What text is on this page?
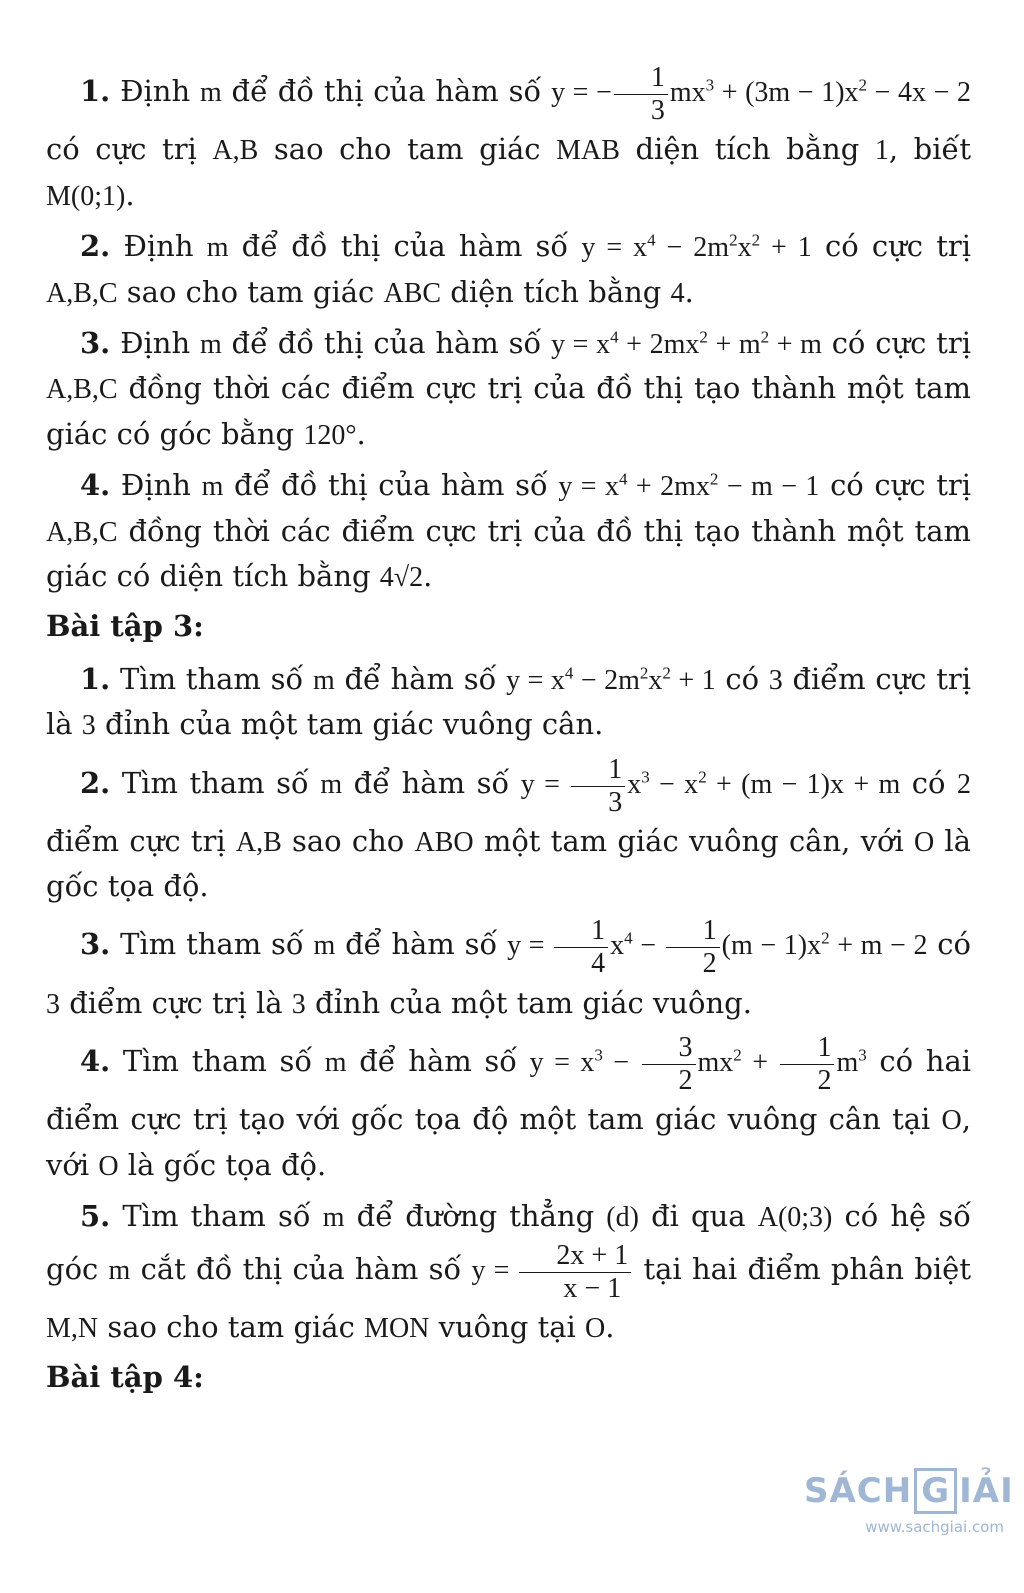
1. Định m để đồ thị của hàm số y = − $\frac{1}{3} mx^3 + (3m - 1)x^2 - 4x - 2$ có cực trị A,B sao cho tam giác MAB diện tích bằng 1, biết M(0;1).

2. Định m để đồ thị của hàm số $y = x^4 - 2m^2x^2 + 1$ có cực trị A,B,C sao cho tam giác ABC diện tích bằng 4.

3. Định m để đồ thị của hàm số $y = x^4 + 2mx^2 + m^2 + m$ có cực trị A,B,C đồng thời các điểm cực trị của đồ thị tạo thành một tam giác có góc bằng 120°.

4. Định m để đồ thị của hàm số $y = x^4 + 2mx^2 - m - 1$ có cực trị A,B,C đồng thời các điểm cực trị của đồ thị tạo thành một tam giác có diện tích bằng 4√2.

Bài tập 3:

1. Tìm tham số m để hàm số $y = x^4 - 2m^2x^2 + 1$ có 3 điểm cực trị là 3 đỉnh của một tam giác vuông cân.

2. Tìm tham số m để hàm số $y = \frac{1}{3} x^3 - x^2 + (m - 1)x + m$ có 2 điểm cực trị A,B sao cho ABO một tam giác vuông cân, với O là gốc tọa độ.

3. Tìm tham số m để hàm số $y = \frac{1}{4} x^4 - \frac{1}{2} (m - 1)x^2 + m - 2$ có 3 điểm cực trị là 3 đỉnh của một tam giác vuông.

4. Tìm tham số m để hàm số $y = x^3 - \frac{3}{2} mx^2 + \frac{1}{2} m^3$ có hai điểm cực trị tạo với gốc tọa độ một tam giác vuông cân tại O, với O là gốc tọa độ.

5. Tìm tham số m để đường thẳng (d) đi qua A(0;3) có hệ số góc m cắt đồ thị của hàm số $y = \frac{2x + 1}{x - 1}$ tại hai điểm phân biệt M,N sao cho tam giác MON vuông tại O.

Bài tập 4:
SÁCH G IẢI
www.sachgiai.com
